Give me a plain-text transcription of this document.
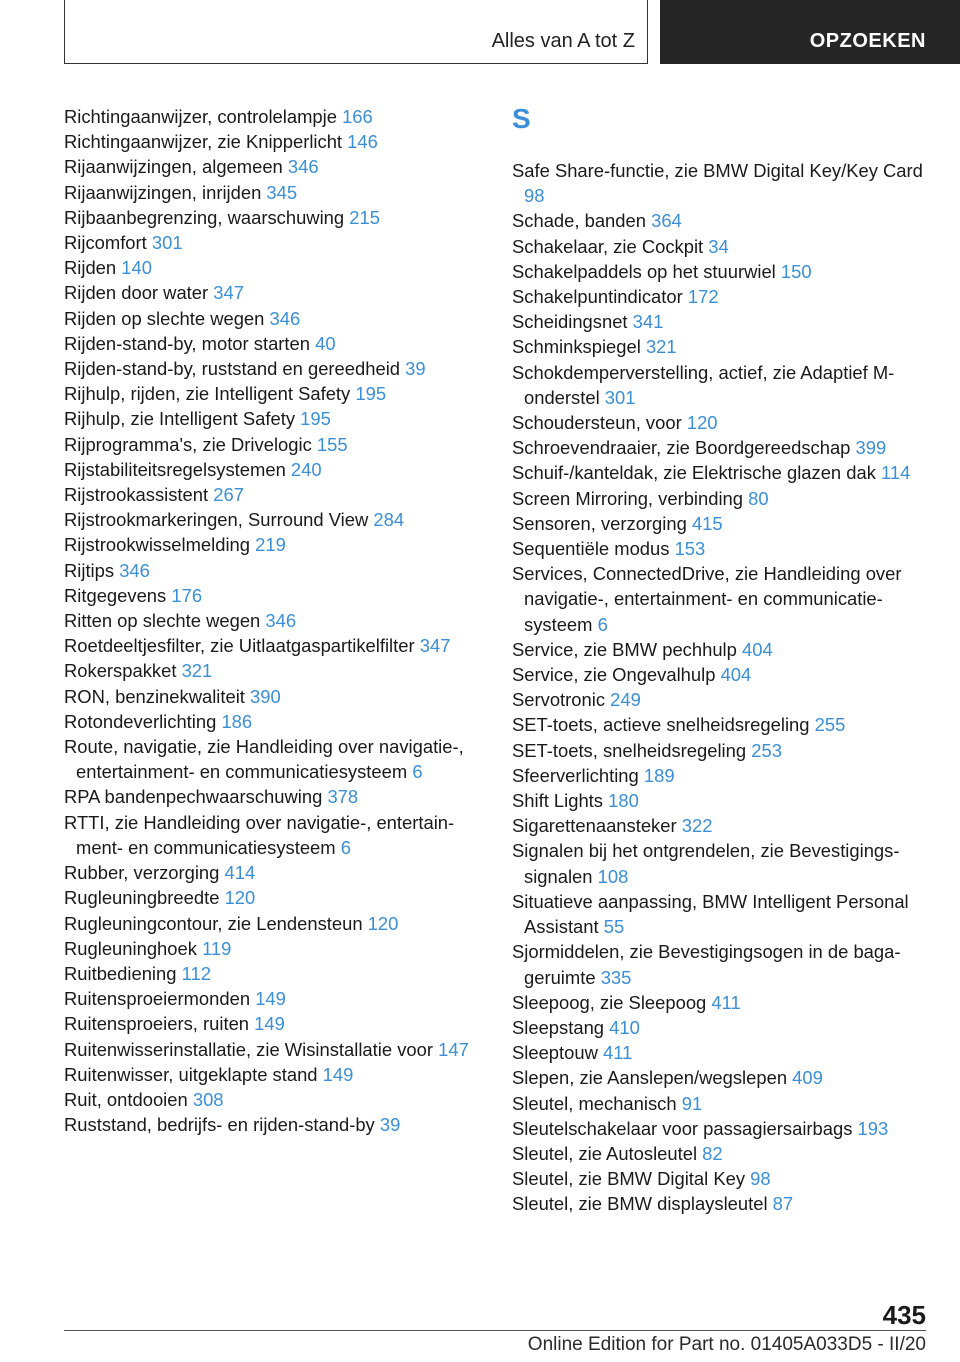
Alles van A tot Z	OPZOEKEN

Richtingaanwijzer, controlelampje 166

Richtingaanwijzer, zie Knipperlicht 146

Rijaanwijzingen, algemeen 346

Rijaanwijzingen, inrijden 345

Rijbaanbegrenzing, waarschuwing 215

Rijcomfort 301

Rijden 140

Rijden door water 347

Rijden op slechte wegen 346

Rijden-stand-by, motor starten 40

Rijden-stand-by, ruststand en gereedheid 39

Rijhulp, rijden, zie Intelligent Safety 195

Rijhulp, zie Intelligent Safety 195

Rijprogramma's, zie Drivelogic 155

Rijstabiliteitsregelsystemen 240

Rijstrookassistent 267

Rijstrookmarkeringen, Surround View 284

Rijstrookwisselmelding 219

Rijtips 346

Ritgegevens 176

Ritten op slechte wegen 346

Roetdeeltjesfilter, zie Uitlaatgaspartikelfilter 347

Rokerspakket 321

RON, benzinekwaliteit 390

Rotondeverlichting 186

Route, navigatie, zie Handleiding over navigatie-, entertainment- en communicatiesysteem 6

RPA bandenpechwaarschuwing 378

RTTI, zie Handleiding over navigatie-, entertainment- en communicatiesysteem 6

Rubber, verzorging 414

Rugleuningbreedte 120

Rugleuningcontour, zie Lendensteun 120

Rugleuninghoek 119

Ruitbediening 112

Ruitensproeiermonden 149

Ruitensproeiers, ruiten 149

Ruitenwisserinstallatie, zie Wisinstallatie voor 147

Ruitenwisser, uitgeklapte stand 149

Ruit, ontdooien 308

Ruststand, bedrijfs- en rijden-stand-by 39

S

Safe Share-functie, zie BMW Digital Key/Key Card 98

Schade, banden 364

Schakelaar, zie Cockpit 34

Schakelpaddels op het stuurwiel 150

Schakelpuntindicator 172

Scheidingsnet 341

Schminkspiegel 321

Schokdemperverstelling, actief, zie Adaptief M-onderstel 301

Schoudersteun, voor 120

Schroevendraaier, zie Boordgereedschap 399

Schuif-/kanteldak, zie Elektrische glazen dak 114

Screen Mirroring, verbinding 80

Sensoren, verzorging 415

Sequentiële modus 153

Services, ConnectedDrive, zie Handleiding over navigatie-, entertainment- en communicatiesysteem 6

Service, zie BMW pechhulp 404

Service, zie Ongevalhulp 404

Servotronic 249

SET-toets, actieve snelheidsregeling 255

SET-toets, snelheidsregeling 253

Sfeerverlichting 189

Shift Lights 180

Sigarettenaansteker 322

Signalen bij het ontgrendelen, zie Bevestigingssignalen 108

Situatieve aanpassing, BMW Intelligent Personal Assistant 55

Sjormiddelen, zie Bevestigingsogen in de bagageruimte 335

Sleepoog, zie Sleepoog 411

Sleepstang 410

Sleeptouw 411

Slepen, zie Aanslepen/wegslepen 409

Sleutel, mechanisch 91

Sleutelschakelaar voor passagiersairbags 193

Sleutel, zie Autosleutel 82

Sleutel, zie BMW Digital Key 98

Sleutel, zie BMW displaysleutel 87

435
Online Edition for Part no. 01405A033D5 - II/20
